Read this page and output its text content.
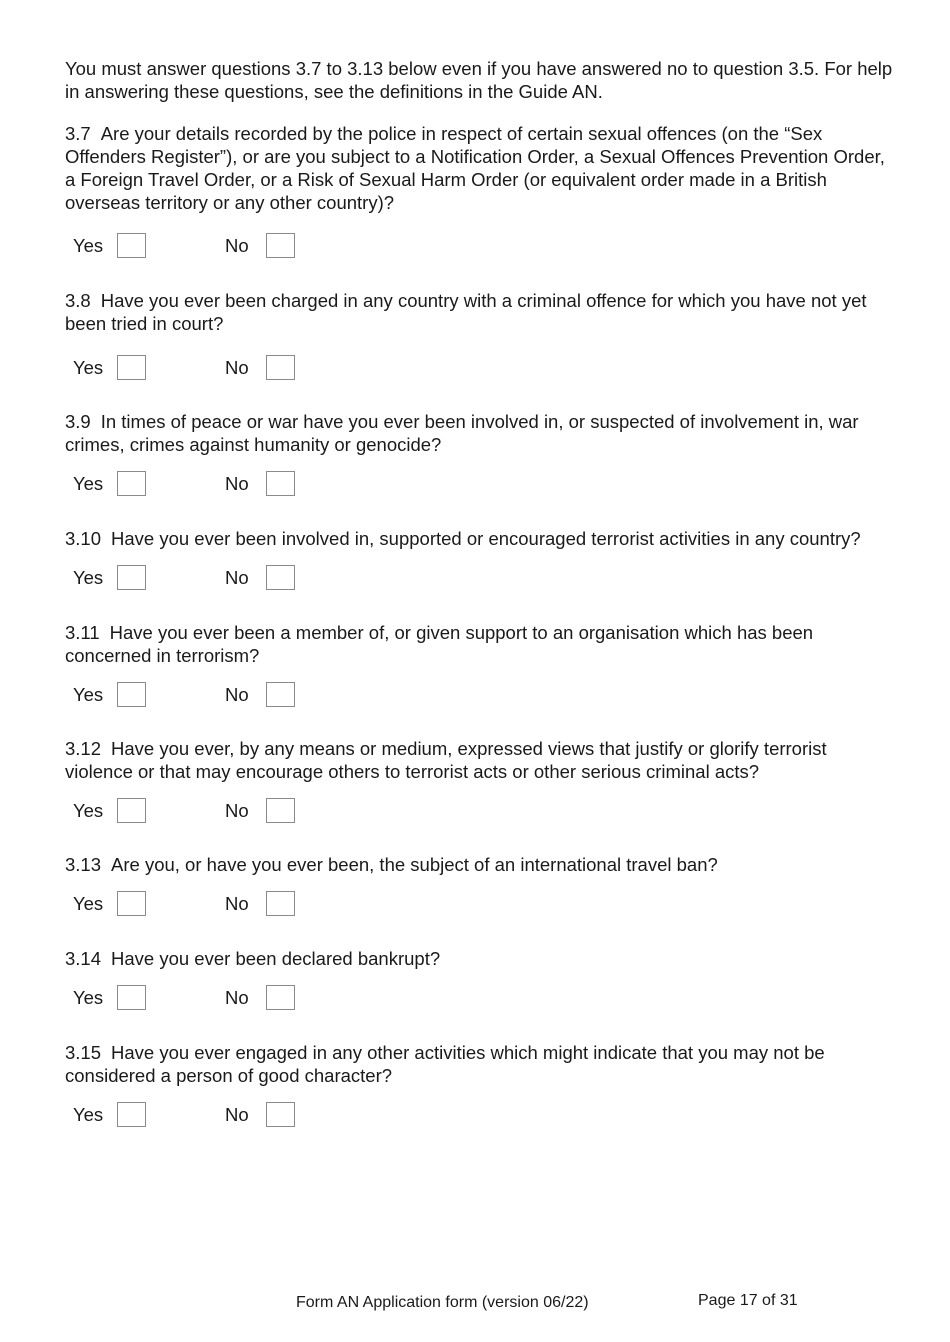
You must answer questions 3.7 to 3.13 below even if you have answered no to question 3.5. For help in answering these questions, see the definitions in the Guide AN.

3.7 Are your details recorded by the police in respect of certain sexual offences (on the “Sex Offenders Register”), or are you subject to a Notification Order, a Sexual Offences Prevention Order, a Foreign Travel Order, or a Risk of Sexual Harm Order (or equivalent order made in a British overseas territory or any other country)?

Yes	No

3.8 Have you ever been charged in any country with a criminal offence for which you have not yet been tried in court?

Yes	No

3.9 In times of peace or war have you ever been involved in, or suspected of involvement in, war crimes, crimes against humanity or genocide?

Yes	No

3.10 Have you ever been involved in, supported or encouraged terrorist activities in any country?

Yes	No

3.11 Have you ever been a member of, or given support to an organisation which has been concerned in terrorism?

Yes	No

3.12 Have you ever, by any means or medium, expressed views that justify or glorify terrorist violence or that may encourage others to terrorist acts or other serious criminal acts?

Yes	No

3.13 Are you, or have you ever been, the subject of an international travel ban?

Yes	No

3.14 Have you ever been declared bankrupt?

Yes	No

3.15 Have you ever engaged in any other activities which might indicate that you may not be considered a person of good character?

Yes	No
Form AN Application form (version 06/22)	Page 17 of 31
